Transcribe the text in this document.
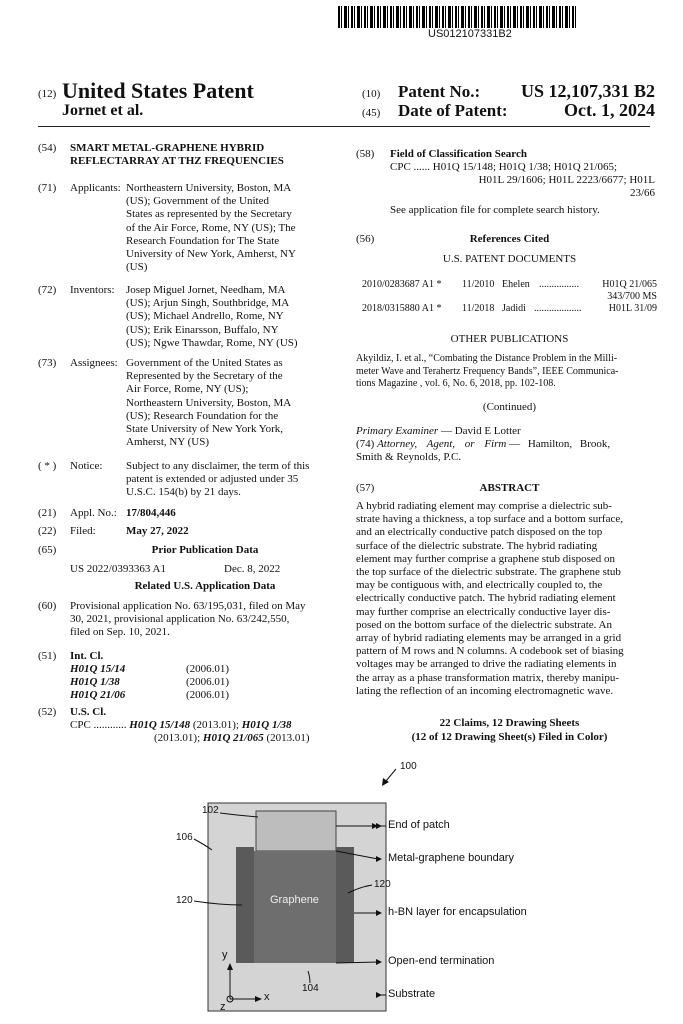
US012107331B2
(12) United States Patent
Jornet et al.
(10) Patent No.: US 12,107,331 B2
(45) Date of Patent:	Oct. 1, 2024
(54) SMART METAL-GRAPHENE HYBRID
REFLECTARRAY AT THZ FREQUENCIES
(71) Applicants: Northeastern University, Boston, MA
(US); Government of the United
States as represented by the Secretary
of the Air Force, Rome, NY (US); The
Research Foundation for The State
University of New York, Amherst, NY
(US)
(72) Inventors: Josep Miguel Jornet, Needham, MA
(US); Arjun Singh, Southbridge, MA
(US); Michael Andrello, Rome, NY
(US); Erik Einarsson, Buffalo, NY
(US); Ngwe Thawdar, Rome, NY (US)
(73) Assignees: Government of the United States as
Represented by the Secretary of the
Air Force, Rome, NY (US);
Northeastern University, Boston, MA
(US); Research Foundation for the
State University of New York York,
Amherst, NY (US)
( * ) Notice: Subject to any disclaimer, the term of this
patent is extended or adjusted under 35
U.S.C. 154(b) by 21 days.
(21) Appl. No.: 17/804,446
(22) Filed:	May 27, 2022
(65)	Prior Publication Data
US 2022/0393363 A1	Dec. 8, 2022
Related U.S. Application Data
(60) Provisional application No. 63/195,031, filed on May
30, 2021, provisional application No. 63/242,550,
filed on Sep. 10, 2021.
(51) Int. Cl.
H01Q 15/14	(2006.01)
H01Q 1/38	(2006.01)
H01Q 21/06	(2006.01)
(52) U.S. Cl.
CPC ............ H01Q 15/148 (2013.01); H01Q 1/38
(2013.01); H01Q 21/065 (2013.01)
(58) Field of Classification Search
CPC ...... H01Q 15/148; H01Q 1/38; H01Q 21/065;
H01L 29/1606; H01L 2223/6677; H01L
23/66
See application file for complete search history.
(56)	References Cited
U.S. PATENT DOCUMENTS
2010/0283687 A1 * 11/2010 Ehelen ................ H01Q 21/065
343/700 MS
2018/0315880 A1 * 11/2018 Jadidi ...................	H01L 31/09
OTHER PUBLICATIONS
Akyildiz, I. et al., “Combating the Distance Problem in the Milli-
meter Wave and Terahertz Frequency Bands”, IEEE Communica-
tions Magazine , vol. 6, No. 6, 2018, pp. 102-108.
(Continued)
Primary Examiner — David E Lotter
(74) Attorney, Agent, or Firm — Hamilton, Brook,
Smith & Reynolds, P.C.
(57)	ABSTRACT
A hybrid radiating element may comprise a dielectric sub-
strate having a thickness, a top surface and a bottom surface,
and an electrically conductive patch disposed on the top
surface of the dielectric substrate. The hybrid radiating
element may further comprise a graphene stub disposed on
the top surface of the dielectric substrate. The graphene stub
may be contiguous with, and electrically coupled to, the
electrically conductive patch. The hybrid radiating element
may further comprise an electrically conductive layer dis-
posed on the bottom surface of the dielectric substrate. An
array of hybrid radiating elements may be arranged in a grid
pattern of M rows and N columns. A codebook set of biasing
voltages may be arranged to drive the radiating elements in
the array as a phase transformation matrix, thereby manipu-
lating the reflection of an incoming electromagnetic wave.
22 Claims, 12 Drawing Sheets
(12 of 12 Drawing Sheet(s) Filed in Color)
100
102
106
120
120
104
Graphene
y
x
z
End of patch
Metal-graphene boundary
h-BN layer for encapsulation
Open-end termination
Substrate
